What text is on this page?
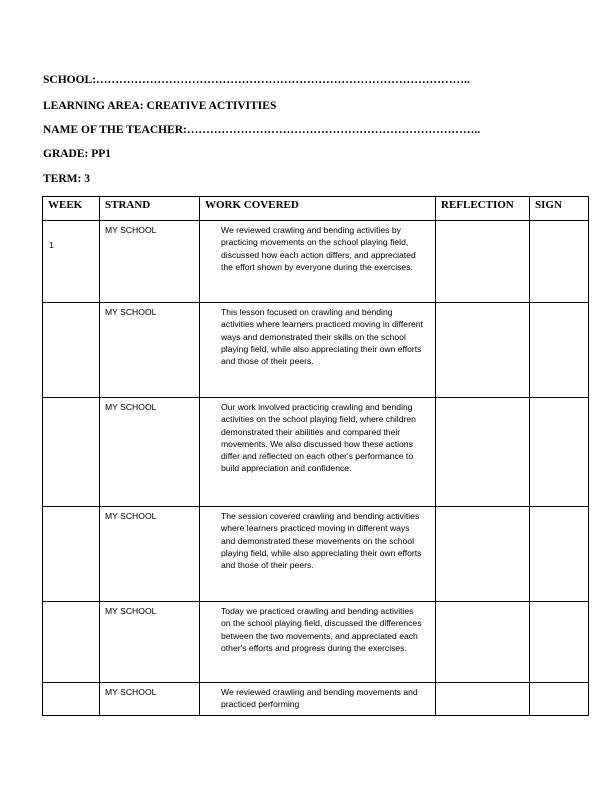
SCHOOL:……………………………………………………………………………………..
LEARNING AREA: CREATIVE ACTIVITIES
NAME OF THE TEACHER:…………………………………………………………………..
GRADE: PP1
TERM: 3
WEEK	STRAND	WORK COVERED	REFLECTION	SIGN
1	MY SCHOOL	We reviewed crawling and bending activities by practicing movements on the school playing field, discussed how each action differs, and appreciated the effort shown by everyone during the exercises.		
	MY SCHOOL	This lesson focused on crawling and bending activities where learners practiced moving in different ways and demonstrated their skills on the school playing field, while also appreciating their own efforts and those of their peers.		
	MY SCHOOL	Our work involved practicing crawling and bending activities on the school playing field, where children demonstrated their abilities and compared their movements. We also discussed how these actions differ and reflected on each other's performance to build appreciation and confidence.		
	MY SCHOOL	The session covered crawling and bending activities where learners practiced moving in different ways and demonstrated these movements on the school playing field, while also appreciating their own efforts and those of their peers.		
	MY SCHOOL	Today we practiced crawling and bending activities on the school playing field, discussed the differences between the two movements, and appreciated each other's efforts and progress during the exercises.		
	MY SCHOOL	We reviewed crawling and bending movements and practiced performing		
